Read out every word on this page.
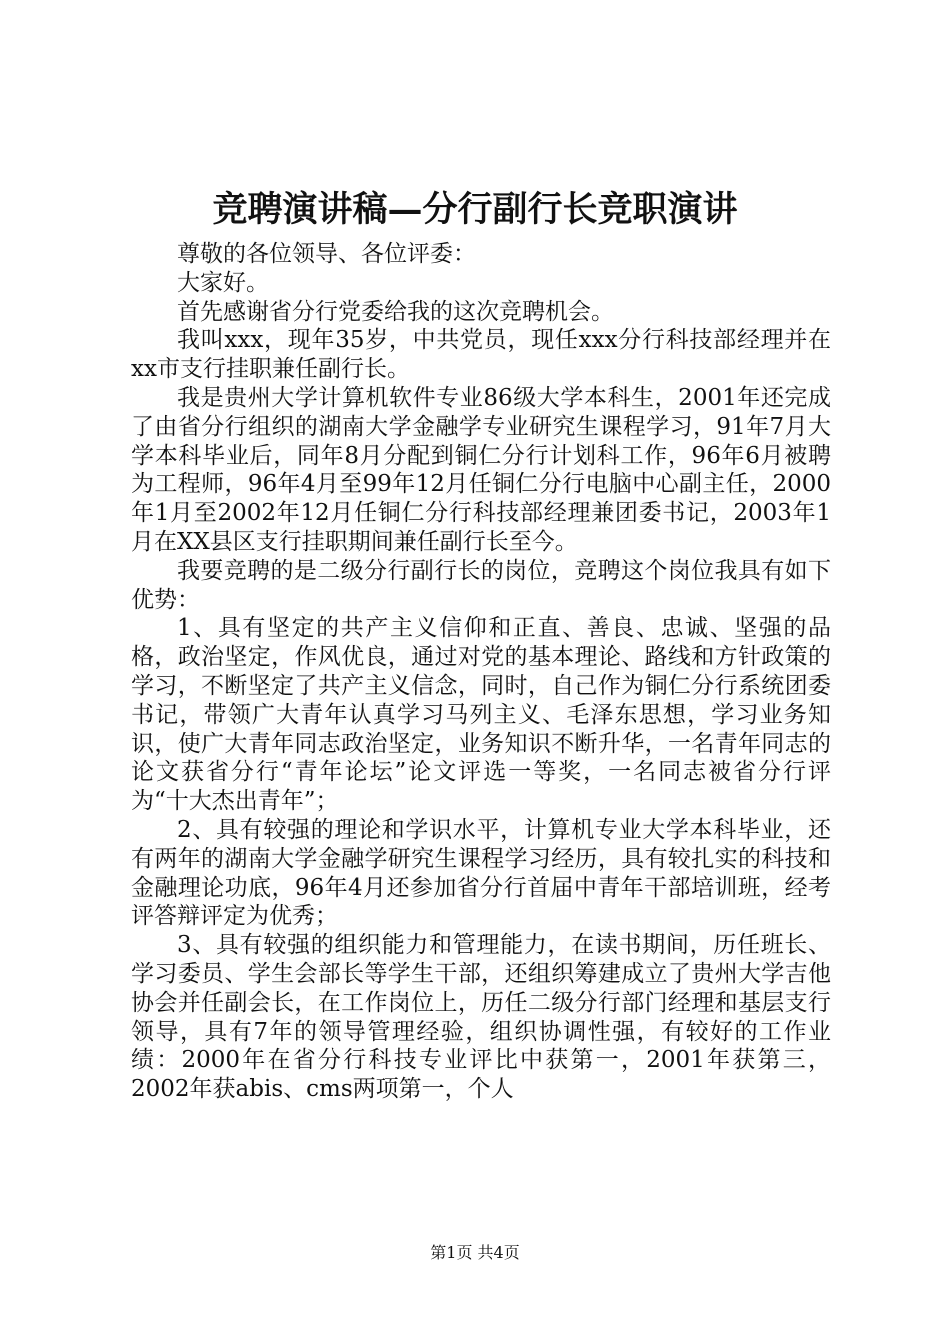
竞聘演讲稿—分行副行长竞职演讲

尊敬的各位领导、各位评委：

大家好。

首先感谢省分行党委给我的这次竞聘机会。

我叫xxx，现年35岁，中共党员，现任xxx分行科技部经理并在xx市支行挂职兼任副行长。

我是贵州大学计算机软件专业86级大学本科生，2001年还完成了由省分行组织的湖南大学金融学专业研究生课程学习，91年7月大学本科毕业后，同年8月分配到铜仁分行计划科工作，96年6月被聘为工程师，96年4月至99年12月任铜仁分行电脑中心副主任，2000年1月至2002年12月任铜仁分行科技部经理兼团委书记，2003年1月在XX县区支行挂职期间兼任副行长至今。

我要竞聘的是二级分行副行长的岗位，竞聘这个岗位我具有如下优势：

1、具有坚定的共产主义信仰和正直、善良、忠诚、坚强的品格，政治坚定，作风优良，通过对党的基本理论、路线和方针政策的学习，不断坚定了共产主义信念，同时，自己作为铜仁分行系统团委书记，带领广大青年认真学习马列主义、毛泽东思想，学习业务知识，使广大青年同志政治坚定，业务知识不断升华，一名青年同志的论文获省分行“青年论坛”论文评选一等奖，一名同志被省分行评为“十大杰出青年”；

2、具有较强的理论和学识水平，计算机专业大学本科毕业，还有两年的湖南大学金融学研究生课程学习经历，具有较扎实的科技和金融理论功底，96年4月还参加省分行首届中青年干部培训班，经考评答辩评定为优秀；

3、具有较强的组织能力和管理能力，在读书期间，历任班长、学习委员、学生会部长等学生干部，还组织筹建成立了贵州大学吉他协会并任副会长，在工作岗位上，历任二级分行部门经理和基层支行领导，具有7年的领导管理经验，组织协调性强，有较好的工作业绩：2000年在省分行科技专业评比中获第一，2001年获第三，2002年获abis、cms两项第一，个人

第1页 共4页
